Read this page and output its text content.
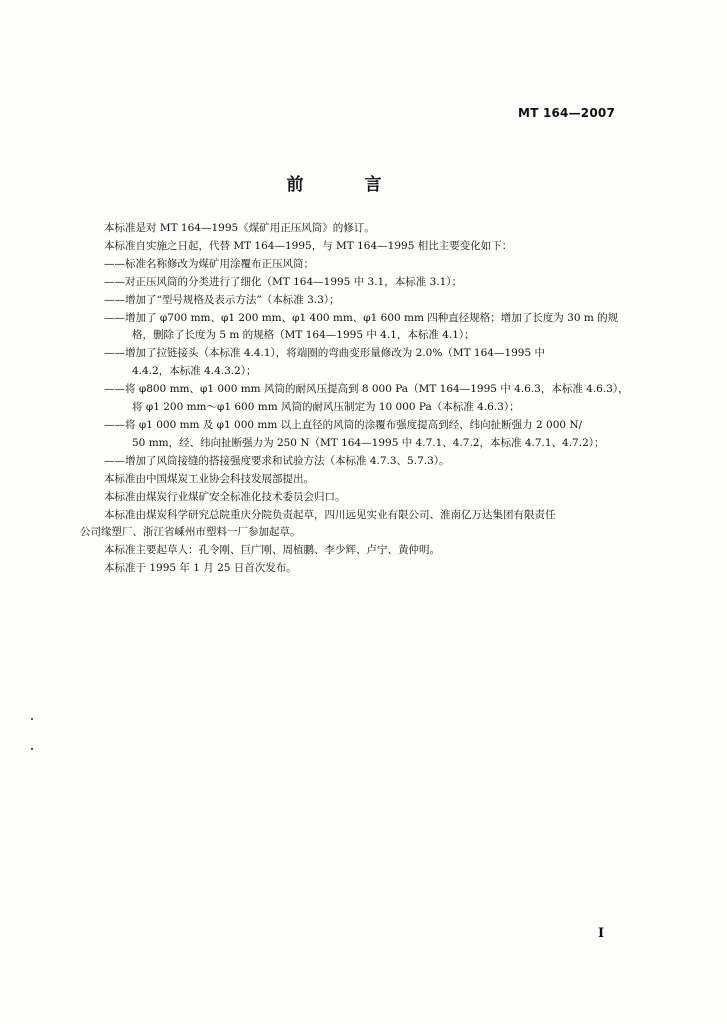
MT 164—2007
前　言

本标准是对 MT 164—1995《煤矿用正压风筒》的修订。

本标准自实施之日起，代替 MT 164—1995，与 MT 164—1995 相比主要变化如下：

——标准名称修改为煤矿用涂覆布正压风筒；

——对正压风筒的分类进行了细化（MT 164—1995 中 3.1，本标准 3.1）；

——增加了“型号规格及表示方法”（本标准 3.3）；

——增加了 φ700 mm、φ1 200 mm、φ1 400 mm、φ1 600 mm 四种直径规格；增加了长度为 30 m 的规

格，删除了长度为 5 m 的规格（MT 164—1995 中 4.1，本标准 4.1）；

——增加了拉链接头（本标准 4.4.1），将端圈的弯曲变形量修改为 2.0%（MT 164—1995 中

4.4.2，本标准 4.4.3.2）；

——将 φ800 mm、φ1 000 mm 风筒的耐风压提高到 8 000 Pa（MT 164—1995 中 4.6.3，本标准 4.6.3），

将 φ1 200 mm～φ1 600 mm 风筒的耐风压制定为 10 000 Pa（本标准 4.6.3）；

——将 φ1 000 mm 及 φ1 000 mm 以上直径的风筒的涂覆布强度提高到经、纬向扯断强力 2 000 N/

50 mm，经、纬向扯断强力为 250 N（MT 164—1995 中 4.7.1、4.7.2，本标准 4.7.1、4.7.2）；

——增加了风筒接缝的搭接强度要求和试验方法（本标准 4.7.3、5.7.3）。

本标准由中国煤炭工业协会科技发展部提出。

本标准由煤炭行业煤矿安全标准化技术委员会归口。

本标准由煤炭科学研究总院重庆分院负责起草，四川远见实业有限公司、淮南亿万达集团有限责任

公司缘塑厂、浙江省嵊州市塑料一厂参加起草。

本标准主要起草人：孔令刚、巨广刚、周植鹏、李少辉、卢宁、黄仲明。

本标准于 1995 年 1 月 25 日首次发布。

I
